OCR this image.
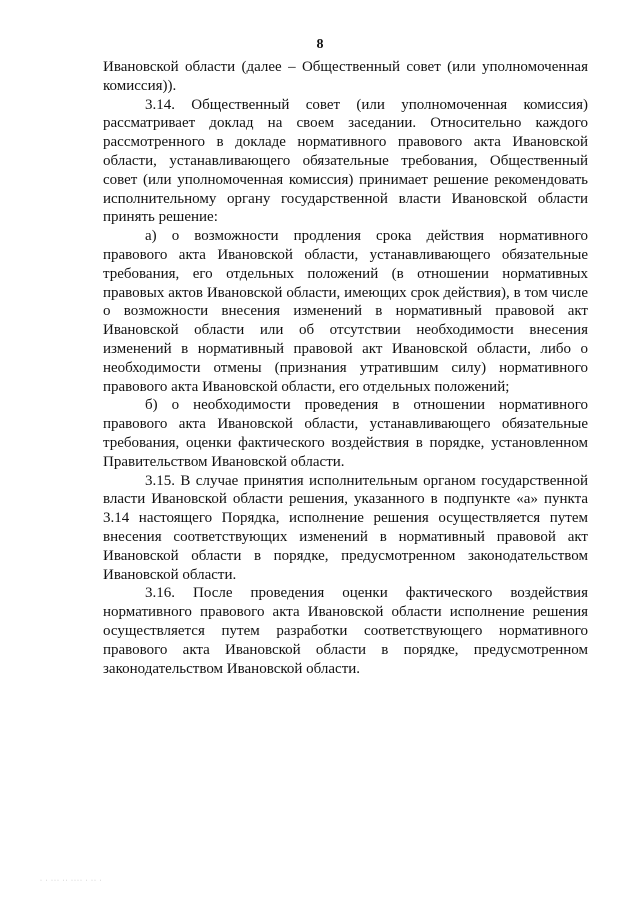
8

Ивановской области (далее – Общественный совет (или уполномоченная комиссия)).

3.14. Общественный совет (или уполномоченная комиссия) рассматривает доклад на своем заседании. Относительно каждого рассмотренного в докладе нормативного правового акта Ивановской области, устанавливающего обязательные требования, Общественный совет (или уполномоченная комиссия) принимает решение рекомендовать исполнительному органу государственной власти Ивановской области принять решение:

а) о возможности продления срока действия нормативного правового акта Ивановской области, устанавливающего обязательные требования, его отдельных положений (в отношении нормативных правовых актов Ивановской области, имеющих срок действия), в том числе о возможности внесения изменений в нормативный правовой акт Ивановской области или об отсутствии необходимости внесения изменений в нормативный правовой акт Ивановской области, либо о необходимости отмены (признания утратившим силу) нормативного правового акта Ивановской области, его отдельных положений;

б) о необходимости проведения в отношении нормативного правового акта Ивановской области, устанавливающего обязательные требования, оценки фактического воздействия в порядке, установленном Правительством Ивановской области.

3.15. В случае принятия исполнительным органом государственной власти Ивановской области решения, указанного в подпункте «а» пункта 3.14 настоящего Порядка, исполнение решения осуществляется путем внесения соответствующих изменений в нормативный правовой акт Ивановской области в порядке, предусмотренном законодательством Ивановской области.

3.16. После проведения оценки фактического воздействия нормативного правового акта Ивановской области исполнение решения осуществляется путем разработки соответствующего нормативного правового акта Ивановской области в порядке, предусмотренном законодательством Ивановской области.

· · ··· ·· ···· · ·· ·
